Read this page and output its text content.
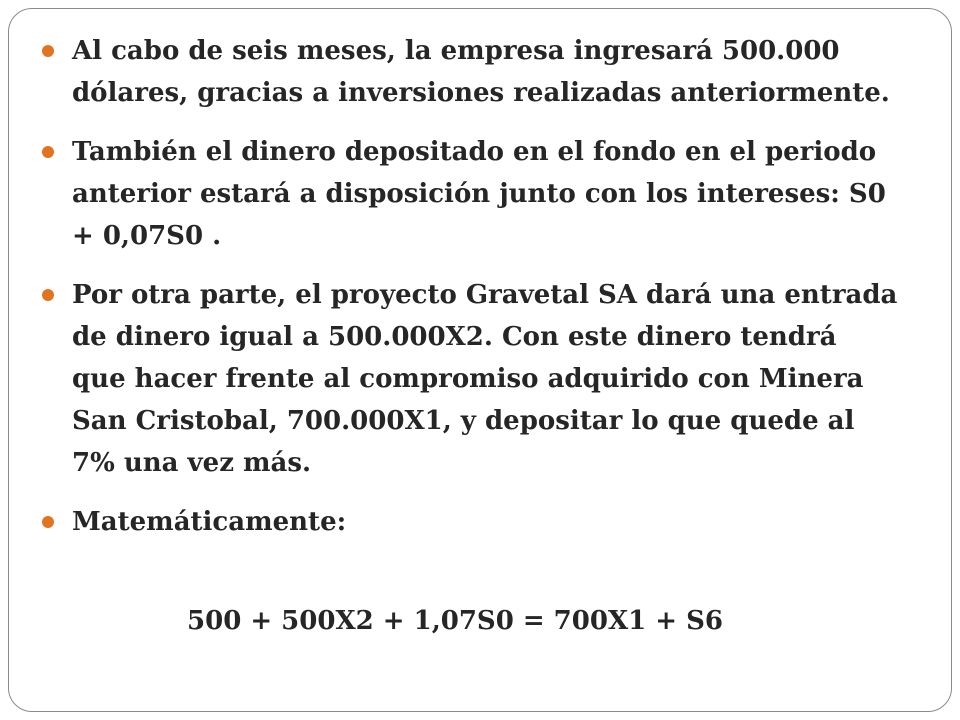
Al cabo de seis meses, la empresa ingresará 500.000 dólares, gracias a inversiones realizadas anteriormente.
También el dinero depositado en el fondo en el periodo anterior estará a disposición junto con los intereses: S0 + 0,07S0 .
Por otra parte, el proyecto Gravetal SA dará una entrada de dinero igual a 500.000X2. Con este dinero tendrá que hacer frente al compromiso adquirido con Minera San Cristobal, 700.000X1, y depositar lo que quede al 7% una vez más.
Matemáticamente:
500 + 500X2 + 1,07S0 = 700X1 + S6
